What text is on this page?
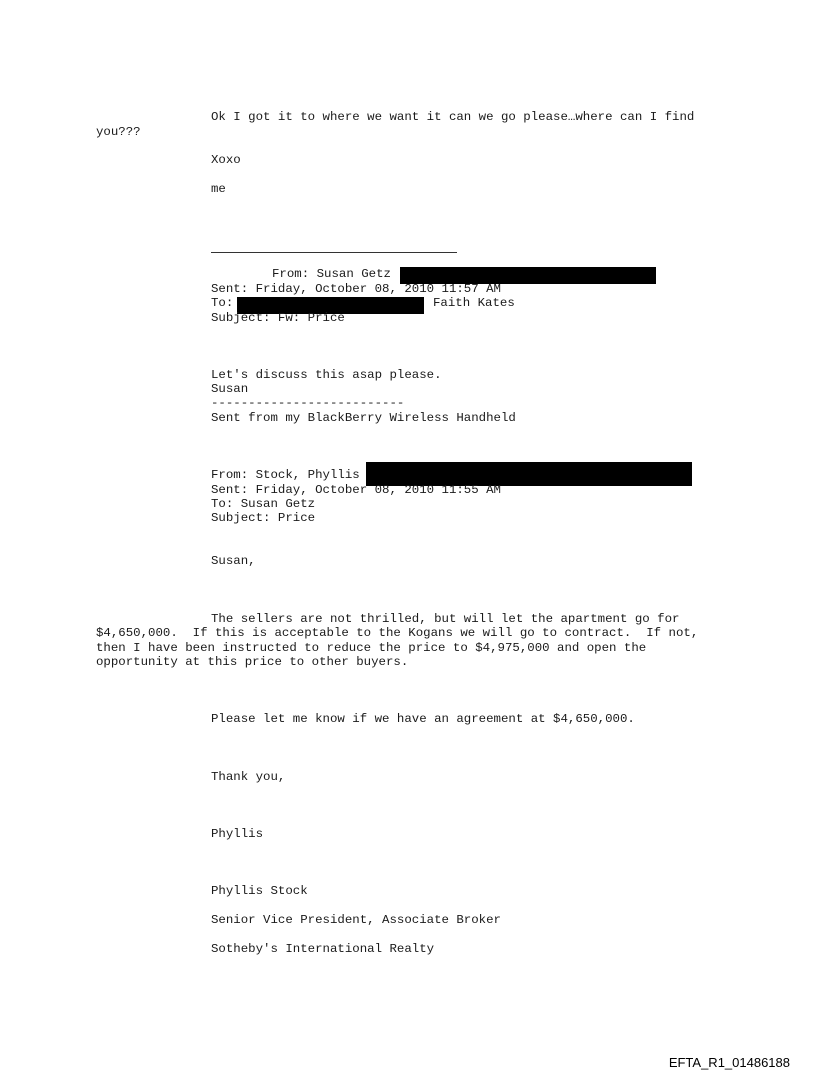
Ok I got it to where we want it can we go please…where can I find
you???
Xoxo
me
From: Susan Getz
Sent: Friday, October 08, 2010 11:57 AM
To:	Faith Kates
Subject: Fw: Price
Let's discuss this asap please.
Susan
--------------------------
Sent from my BlackBerry Wireless Handheld
From: Stock, Phyllis
Sent: Friday, October 08, 2010 11:55 AM
To: Susan Getz
Subject: Price
Susan,
The sellers are not thrilled, but will let the apartment go for
$4,650,000.  If this is acceptable to the Kogans we will go to contract.  If not,
then I have been instructed to reduce the price to $4,975,000 and open the
opportunity at this price to other buyers.
Please let me know if we have an agreement at $4,650,000.
Thank you,
Phyllis
Phyllis Stock
Senior Vice President, Associate Broker
Sotheby's International Realty
EFTA_R1_01486188
